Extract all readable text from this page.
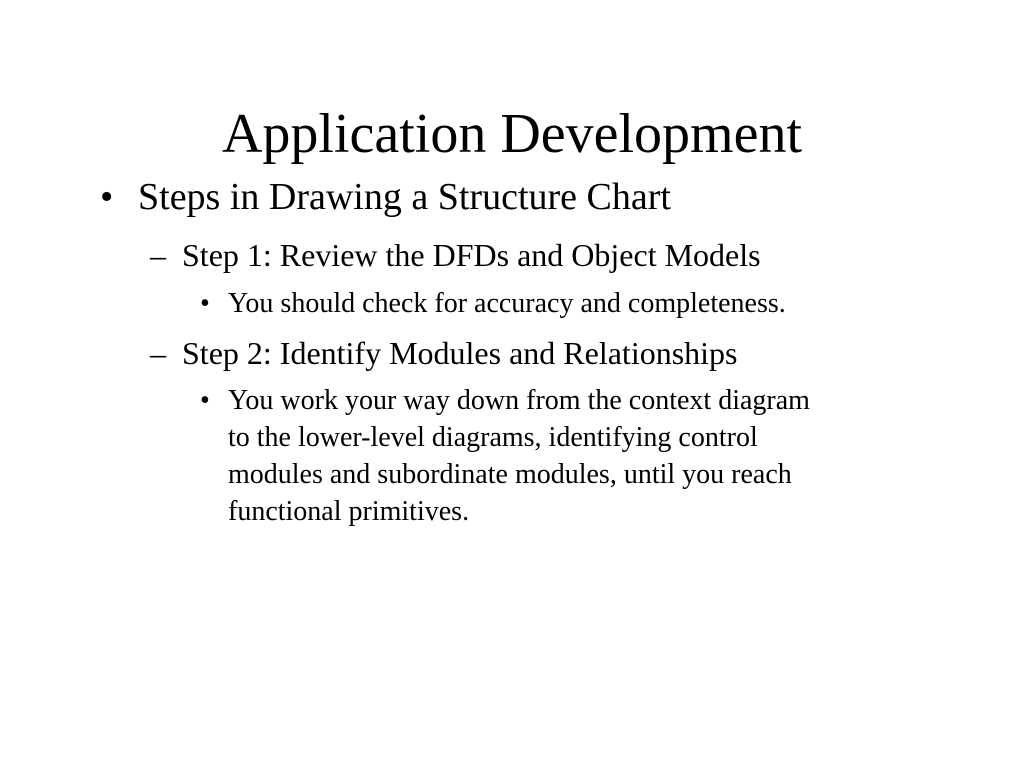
Application Development
• Steps in Drawing a Structure Chart
– Step 1: Review the DFDs and Object Models
• You should check for accuracy and completeness.
– Step 2: Identify Modules and Relationships
• You work your way down from the context diagram
to the lower-level diagrams, identifying control
modules and subordinate modules, until you reach
functional primitives.
